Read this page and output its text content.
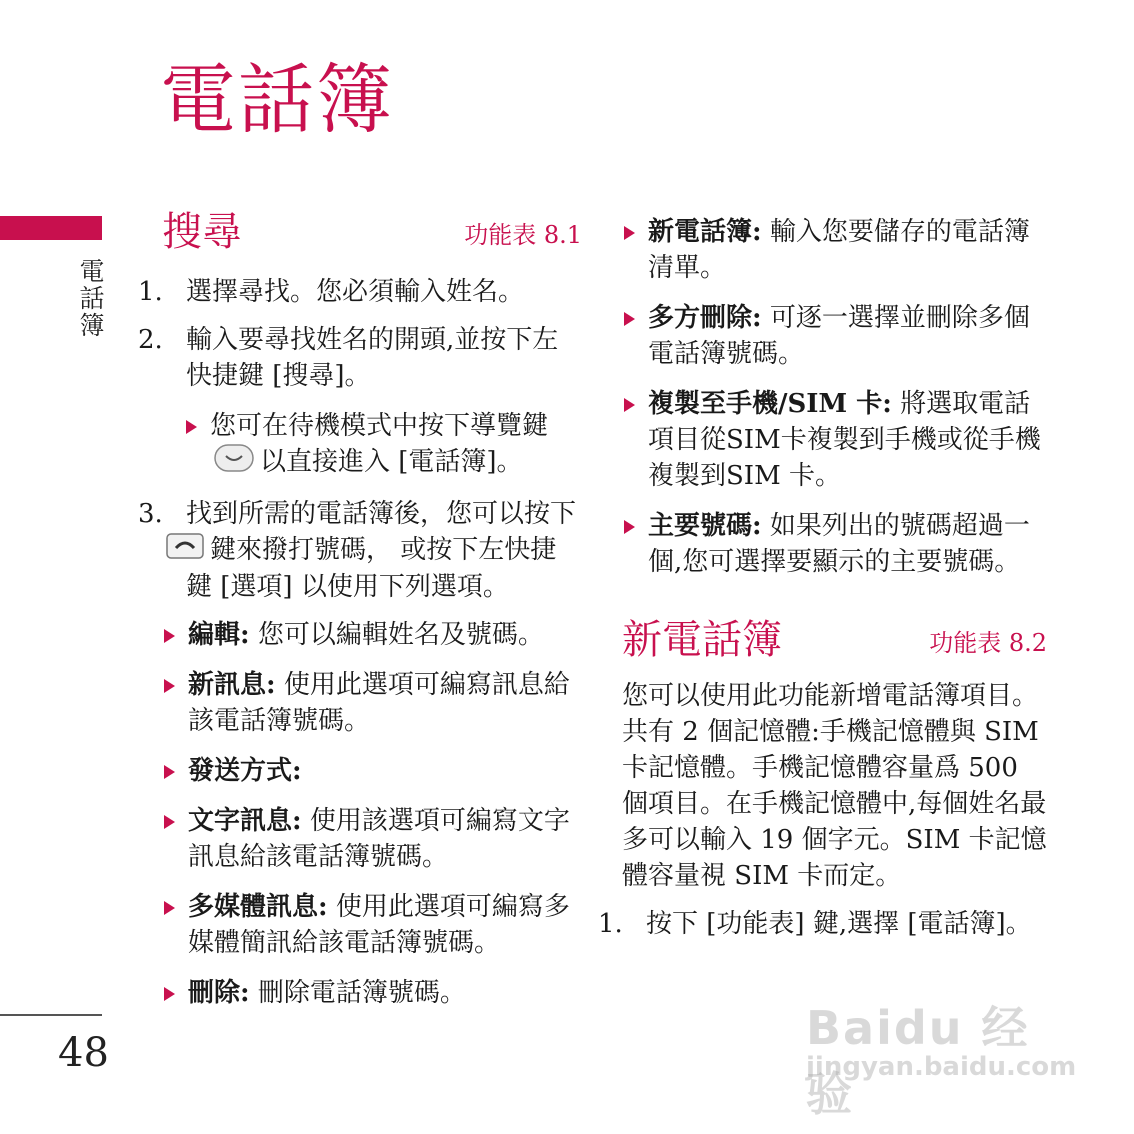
電話簿
電話簿
48
搜尋	功能表 8.1

1. 選擇尋找。您必須輸入姓名。

2. 輸入要尋找姓名的開頭,並按下左快捷鍵 [搜尋]。

您可在待機模式中按下導覽鍵
以直接進入 [電話簿]。

3. 找到所需的電話簿後，您可以按下
鍵來撥打號碼， 或按下左快捷鍵 [選項] 以使用下列選項。

編輯: 您可以編輯姓名及號碼。
新訊息: 使用此選項可編寫訊息給該電話簿號碼。
發送方式:
文字訊息: 使用該選項可編寫文字訊息給該電話簿號碼。
多媒體訊息: 使用此選項可編寫多媒體簡訊給該電話簿號碼。
刪除: 刪除電話簿號碼。
新電話簿: 輸入您要儲存的電話簿清單。
多方刪除: 可逐一選擇並刪除多個電話簿號碼。
複製至手機/SIM 卡: 將選取電話項目從SIM卡複製到手機或從手機複製到SIM 卡。
主要號碼: 如果列出的號碼超過一個,您可選擇要顯示的主要號碼。
新電話簿	功能表 8.2

您可以使用此功能新增電話簿項目。共有 2 個記憶體:手機記憶體與 SIM 卡記憶體。手機記憶體容量爲 500 個項目。在手機記憶體中,每個姓名最多可以輸入 19 個字元。SIM 卡記憶體容量視 SIM 卡而定。

1. 按下 [功能表] 鍵,選擇 [電話簿]。

Baidu 经验
jingyan.baidu.com
